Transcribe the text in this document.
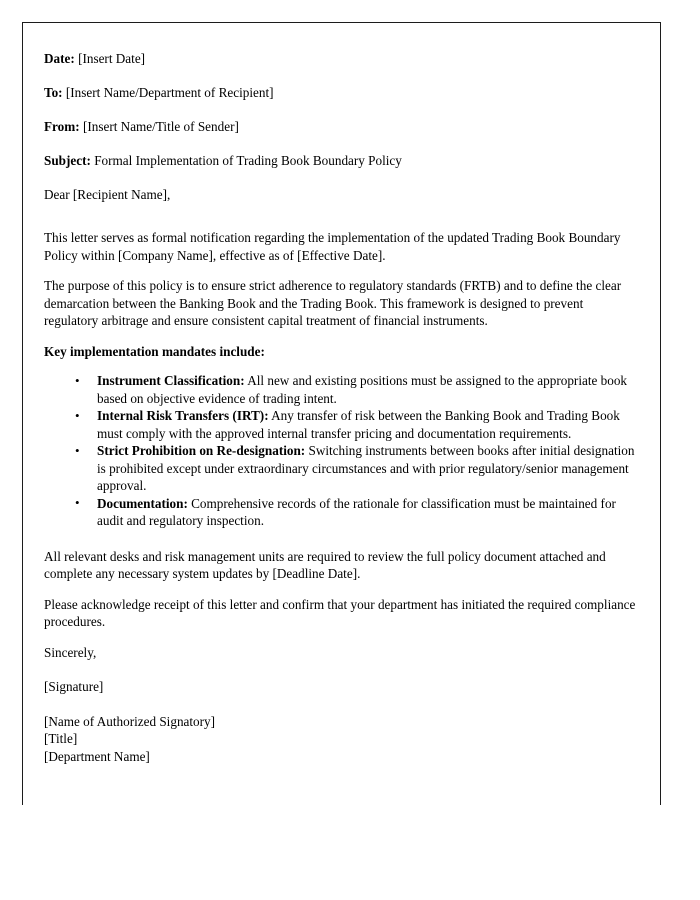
Date: [Insert Date]

To: [Insert Name/Department of Recipient]

From: [Insert Name/Title of Sender]

Subject: Formal Implementation of Trading Book Boundary Policy

Dear [Recipient Name],

This letter serves as formal notification regarding the implementation of the updated Trading Book Boundary Policy within [Company Name], effective as of [Effective Date].

The purpose of this policy is to ensure strict adherence to regulatory standards (FRTB) and to define the clear demarcation between the Banking Book and the Trading Book. This framework is designed to prevent regulatory arbitrage and ensure consistent capital treatment of financial instruments.

Key implementation mandates include:

• Instrument Classification: All new and existing positions must be assigned to the appropriate book based on objective evidence of trading intent.
• Internal Risk Transfers (IRT): Any transfer of risk between the Banking Book and Trading Book must comply with the approved internal transfer pricing and documentation requirements.
• Strict Prohibition on Re-designation: Switching instruments between books after initial designation is prohibited except under extraordinary circumstances and with prior regulatory/senior management approval.
• Documentation: Comprehensive records of the rationale for classification must be maintained for audit and regulatory inspection.

All relevant desks and risk management units are required to review the full policy document attached and complete any necessary system updates by [Deadline Date].

Please acknowledge receipt of this letter and confirm that your department has initiated the required compliance procedures.

Sincerely,

[Signature]

[Name of Authorized Signatory]

[Title]

[Department Name]
